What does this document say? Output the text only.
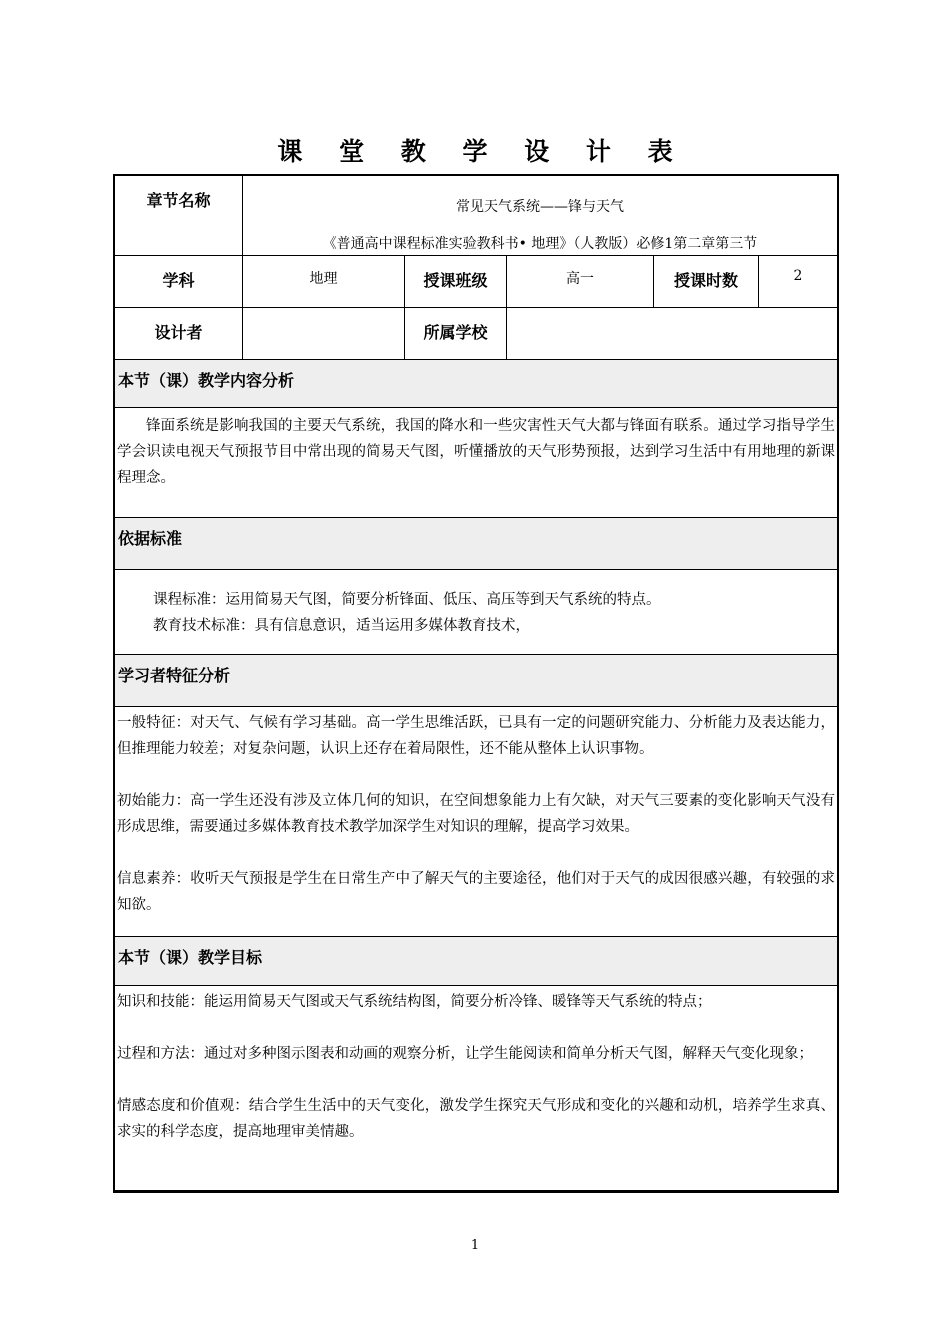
课 堂 教 学 设 计 表
章节名称	常见天气系统——锋与天气
《普通高中课程标准实验教科书• 地理》（人教版）必修1第二章第三节				

学科	地理	授课班级	高一	授课时数	2
设计者		所属学校			
本节（课）教学内容分析					

锋面系统是影响我国的主要天气系统，我国的降水和一些灾害性天气大都与锋面有联系。通过学习指导学生学会识读电视天气预报节目中常出现的简易天气图，听懂播放的天气形势预报，达到学习生活中有用地理的新课程理念。					

依据标准					

课程标准：运用简易天气图，简要分析锋面、低压、高压等到天气系统的特点。

教育技术标准：具有信息意识，适当运用多媒体教育技术，					

学习者特征分析					

一般特征：对天气、气候有学习基础。高一学生思维活跃，已具有一定的问题研究能力、分析能力及表达能力，但推理能力较差；对复杂问题，认识上还存在着局限性，还不能从整体上认识事物。

初始能力：高一学生还没有涉及立体几何的知识，在空间想象能力上有欠缺，对天气三要素的变化影响天气没有形成思维，需要通过多媒体教育技术教学加深学生对知识的理解，提高学习效果。

信息素养：收听天气预报是学生在日常生产中了解天气的主要途径，他们对于天气的成因很感兴趣，有较强的求知欲。					

本节（课）教学目标					

知识和技能：能运用简易天气图或天气系统结构图，简要分析冷锋、暖锋等天气系统的特点；

过程和方法：通过对多种图示图表和动画的观察分析，让学生能阅读和简单分析天气图，解释天气变化现象；

情感态度和价值观：结合学生生活中的天气变化，激发学生探究天气形成和变化的兴趣和动机，培养学生求真、求实的科学态度，提高地理审美情趣。					

1
